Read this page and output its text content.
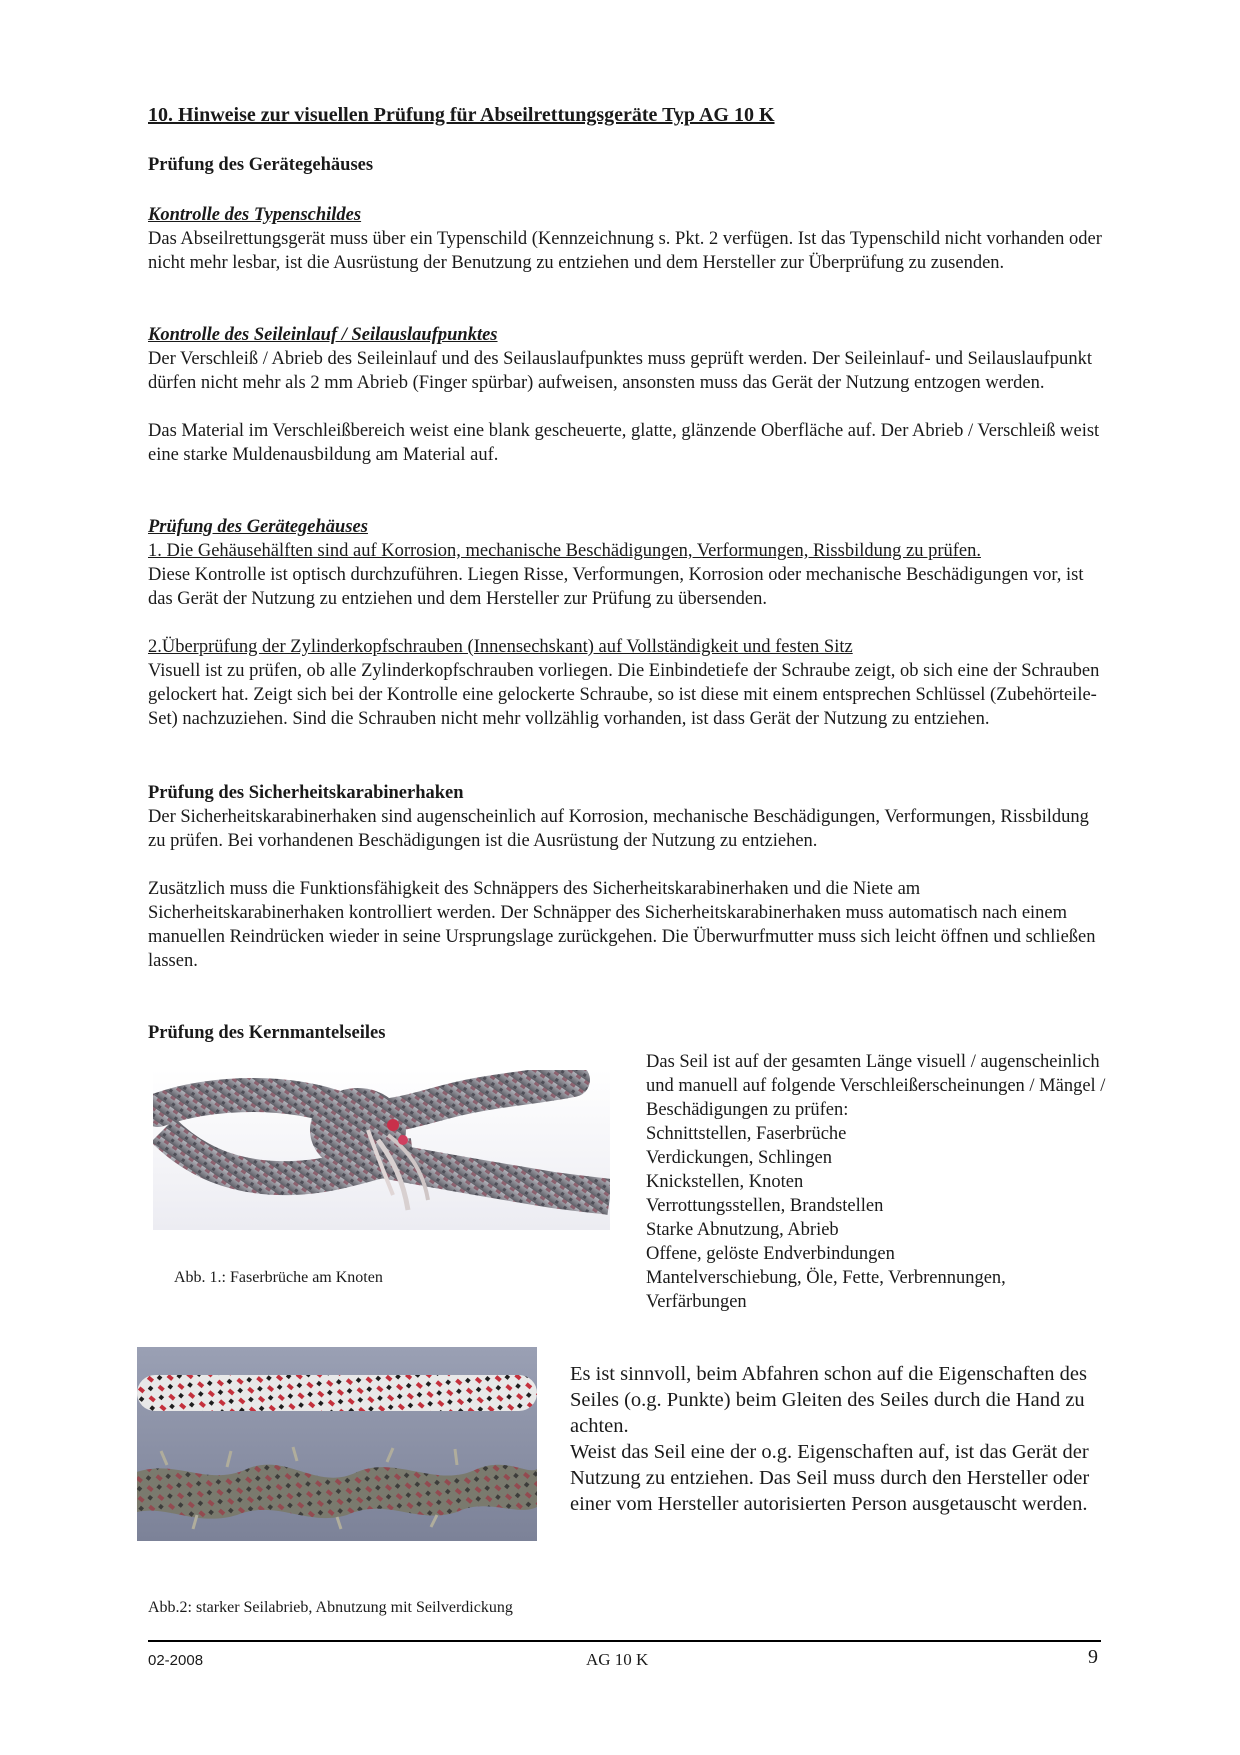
10. Hinweise zur visuellen Prüfung für Abseilrettungsgeräte Typ AG 10 K
Prüfung des Gerätegehäuses

Kontrolle des Typenschildes

Das Abseilrettungsgerät muss über ein Typenschild (Kennzeichnung s. Pkt. 2 verfügen. Ist das Typenschild nicht vorhanden oder nicht mehr lesbar, ist die Ausrüstung der Benutzung zu entziehen und dem Hersteller zur Überprüfung zu zusenden.

Kontrolle des Seileinlauf / Seilauslaufpunktes

Der Verschleiß / Abrieb des Seileinlauf und des Seilauslaufpunktes muss geprüft werden. Der Seileinlauf- und Seilauslaufpunkt dürfen nicht mehr als 2 mm Abrieb (Finger spürbar) aufweisen, ansonsten muss das Gerät der Nutzung entzogen werden.

Das Material im Verschleißbereich weist eine blank gescheuerte, glatte, glänzende Oberfläche auf. Der Abrieb / Verschleiß weist eine starke Muldenausbildung am Material auf.

Prüfung des Gerätegehäuses

1. Die Gehäusehälften sind auf Korrosion, mechanische Beschädigungen, Verformungen, Rissbildung zu prüfen.

Diese Kontrolle ist optisch durchzuführen. Liegen Risse, Verformungen, Korrosion oder mechanische Beschädigungen vor, ist das Gerät der Nutzung zu entziehen und dem Hersteller zur Prüfung zu übersenden.

2.Überprüfung der Zylinderkopfschrauben (Innensechskant) auf Vollständigkeit und festen Sitz

Visuell ist zu prüfen, ob alle Zylinderkopfschrauben vorliegen. Die Einbindetiefe der Schraube zeigt, ob sich eine der Schrauben gelockert hat. Zeigt sich bei der Kontrolle eine gelockerte Schraube, so ist diese mit einem entsprechen Schlüssel (Zubehörteile-Set) nachzuziehen. Sind die Schrauben nicht mehr vollzählig vorhanden, ist dass Gerät der Nutzung zu entziehen.

Prüfung des Sicherheitskarabinerhaken

Der Sicherheitskarabinerhaken sind augenscheinlich auf Korrosion, mechanische Beschädigungen, Verformungen, Rissbildung zu prüfen. Bei vorhandenen Beschädigungen ist die Ausrüstung der Nutzung zu entziehen.

Zusätzlich muss die Funktionsfähigkeit des Schnäppers des Sicherheitskarabinerhaken und die Niete am Sicherheitskarabinerhaken kontrolliert werden. Der Schnäpper des Sicherheitskarabinerhaken muss automatisch nach einem manuellen Reindrücken wieder in seine Ursprungslage zurückgehen. Die Überwurfmutter muss sich leicht öffnen und schließen lassen.

Prüfung des Kernmantelseiles
Abb. 1.: Faserbrüche am Knoten

Das Seil ist auf der gesamten Länge visuell / augenscheinlich und manuell auf folgende Verschleißerscheinungen / Mängel / Beschädigungen zu prüfen:

Schnittstellen, Faserbrüche

Verdickungen, Schlingen

Knickstellen, Knoten

Verrottungsstellen, Brandstellen

Starke Abnutzung, Abrieb

Offene, gelöste Endverbindungen

Mantelverschiebung, Öle, Fette, Verbrennungen, Verfärbungen

Es ist sinnvoll, beim Abfahren schon auf die Eigenschaften des Seiles (o.g. Punkte) beim Gleiten des Seiles durch die Hand zu achten.

Weist das Seil eine der o.g. Eigenschaften auf, ist das Gerät der Nutzung zu entziehen. Das Seil muss durch den Hersteller oder einer vom Hersteller autorisierten Person ausgetauscht werden.

Abb.2: starker Seilabrieb, Abnutzung mit Seilverdickung
02-2008	AG 10 K	9
